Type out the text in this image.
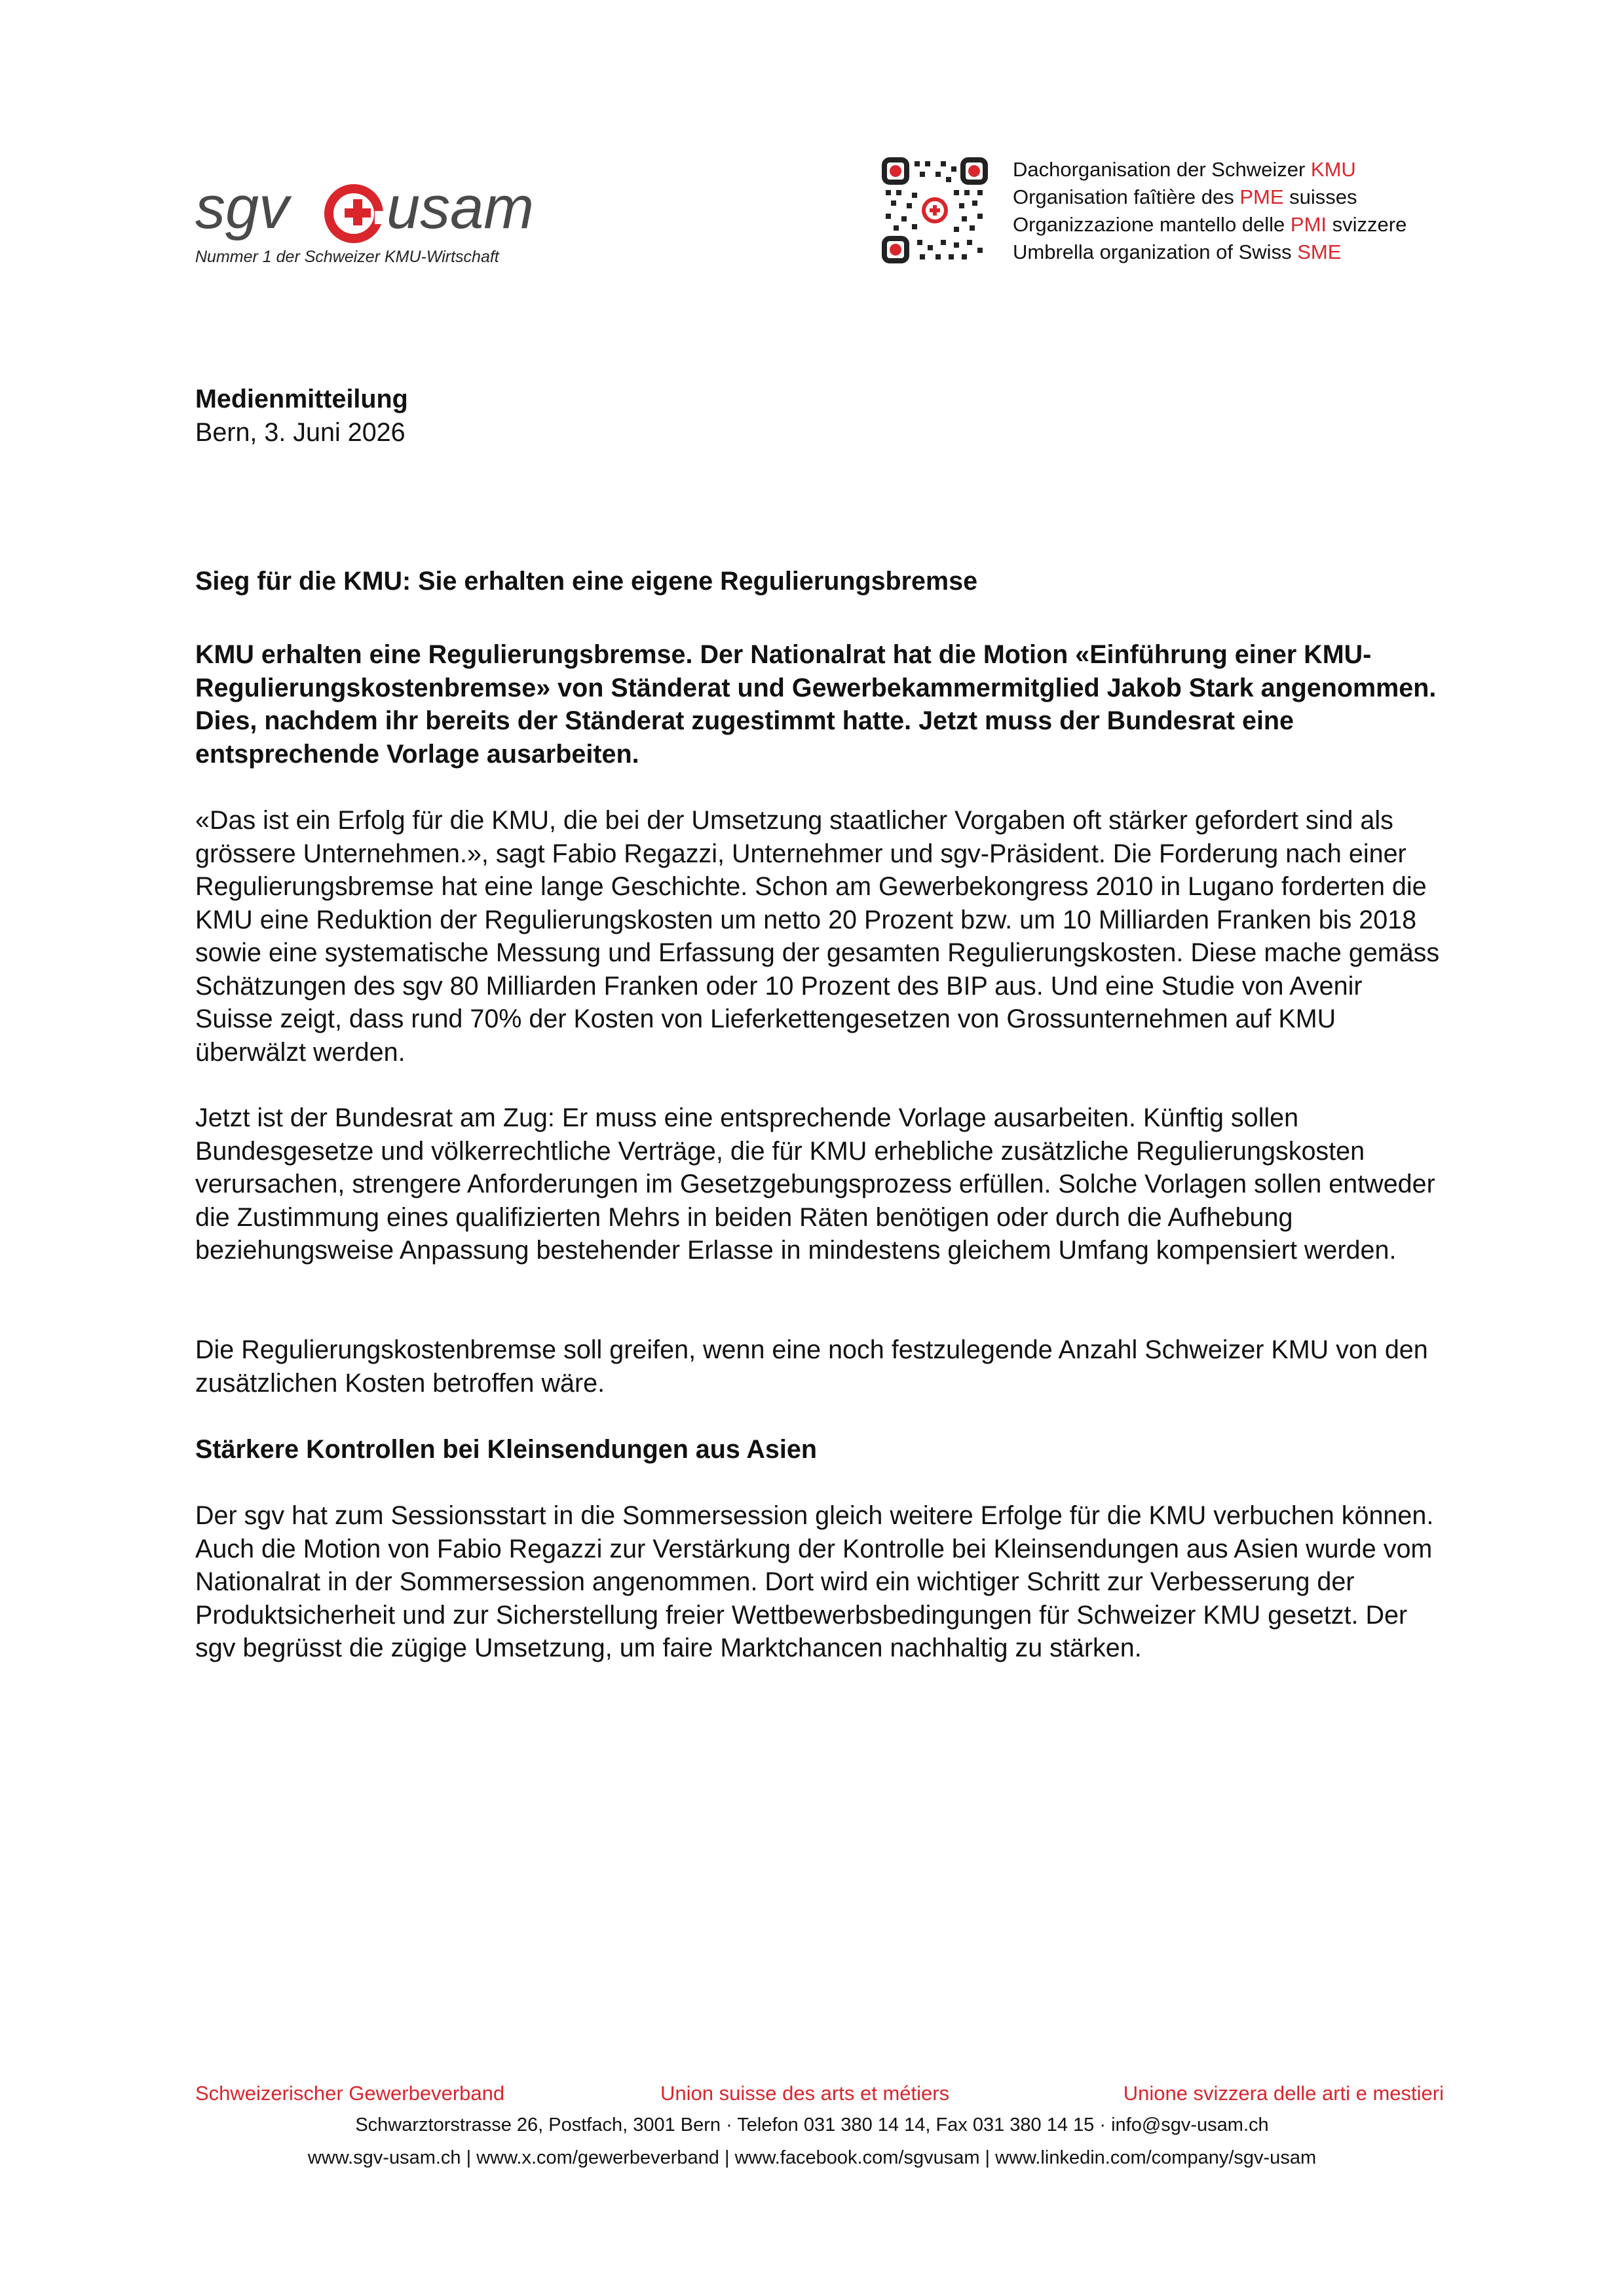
sgv usam
Nummer 1 der Schweizer KMU-Wirtschaft
Dachorganisation der Schweizer KMU
Organisation faîtière des PME suisses
Organizzazione mantello delle PMI svizzere
Umbrella organization of Swiss SME
Medienmitteilung
Bern, 3. Juni 2026
Sieg für die KMU: Sie erhalten eine eigene Regulierungsbremse

KMU erhalten eine Regulierungsbremse. Der Nationalrat hat die Motion «Einführung einer KMU-Regulierungskostenbremse» von Ständerat und Gewerbekammermitglied Jakob Stark angenommen. Dies, nachdem ihr bereits der Ständerat zugestimmt hatte. Jetzt muss der Bundesrat eine entsprechende Vorlage ausarbeiten.

«Das ist ein Erfolg für die KMU, die bei der Umsetzung staatlicher Vorgaben oft stärker gefordert sind als grössere Unternehmen.», sagt Fabio Regazzi, Unternehmer und sgv-Präsident. Die Forderung nach einer Regulierungsbremse hat eine lange Geschichte. Schon am Gewerbekongress 2010 in Lugano forderten die KMU eine Reduktion der Regulierungskosten um netto 20 Prozent bzw. um 10 Milliarden Franken bis 2018 sowie eine systematische Messung und Erfassung der gesamten Regulierungskosten. Diese mache gemäss Schätzungen des sgv 80 Milliarden Franken oder 10 Prozent des BIP aus. Und eine Studie von Avenir Suisse zeigt, dass rund 70% der Kosten von Lieferkettengesetzen von Grossunternehmen auf KMU überwälzt werden.

Jetzt ist der Bundesrat am Zug: Er muss eine entsprechende Vorlage ausarbeiten. Künftig sollen Bundesgesetze und völkerrechtliche Verträge, die für KMU erhebliche zusätzliche Regulierungskosten verursachen, strengere Anforderungen im Gesetzgebungsprozess erfüllen. Solche Vorlagen sollen entweder die Zustimmung eines qualifizierten Mehrs in beiden Räten benötigen oder durch die Aufhebung beziehungsweise Anpassung bestehender Erlasse in mindestens gleichem Umfang kompensiert werden.

Die Regulierungskostenbremse soll greifen, wenn eine noch festzulegende Anzahl Schweizer KMU von den zusätzlichen Kosten betroffen wäre.

Stärkere Kontrollen bei Kleinsendungen aus Asien

Der sgv hat zum Sessionsstart in die Sommersession gleich weitere Erfolge für die KMU verbuchen können. Auch die Motion von Fabio Regazzi zur Verstärkung der Kontrolle bei Kleinsendungen aus Asien wurde vom Nationalrat in der Sommersession angenommen. Dort wird ein wichtiger Schritt zur Verbesserung der Produktsicherheit und zur Sicherstellung freier Wettbewerbsbedingungen für Schweizer KMU gesetzt. Der sgv begrüsst die zügige Umsetzung, um faire Marktchancen nachhaltig zu stärken.

Schweizerischer Gewerbeverband	Union suisse des arts et métiers	Unione svizzera delle arti e mestieri
Schwarztorstrasse 26, Postfach, 3001 Bern · Telefon 031 380 14 14, Fax 031 380 14 15 · info@sgv-usam.ch
www.sgv-usam.ch | www.x.com/gewerbeverband | www.facebook.com/sgvusam | www.linkedin.com/company/sgv-usam
